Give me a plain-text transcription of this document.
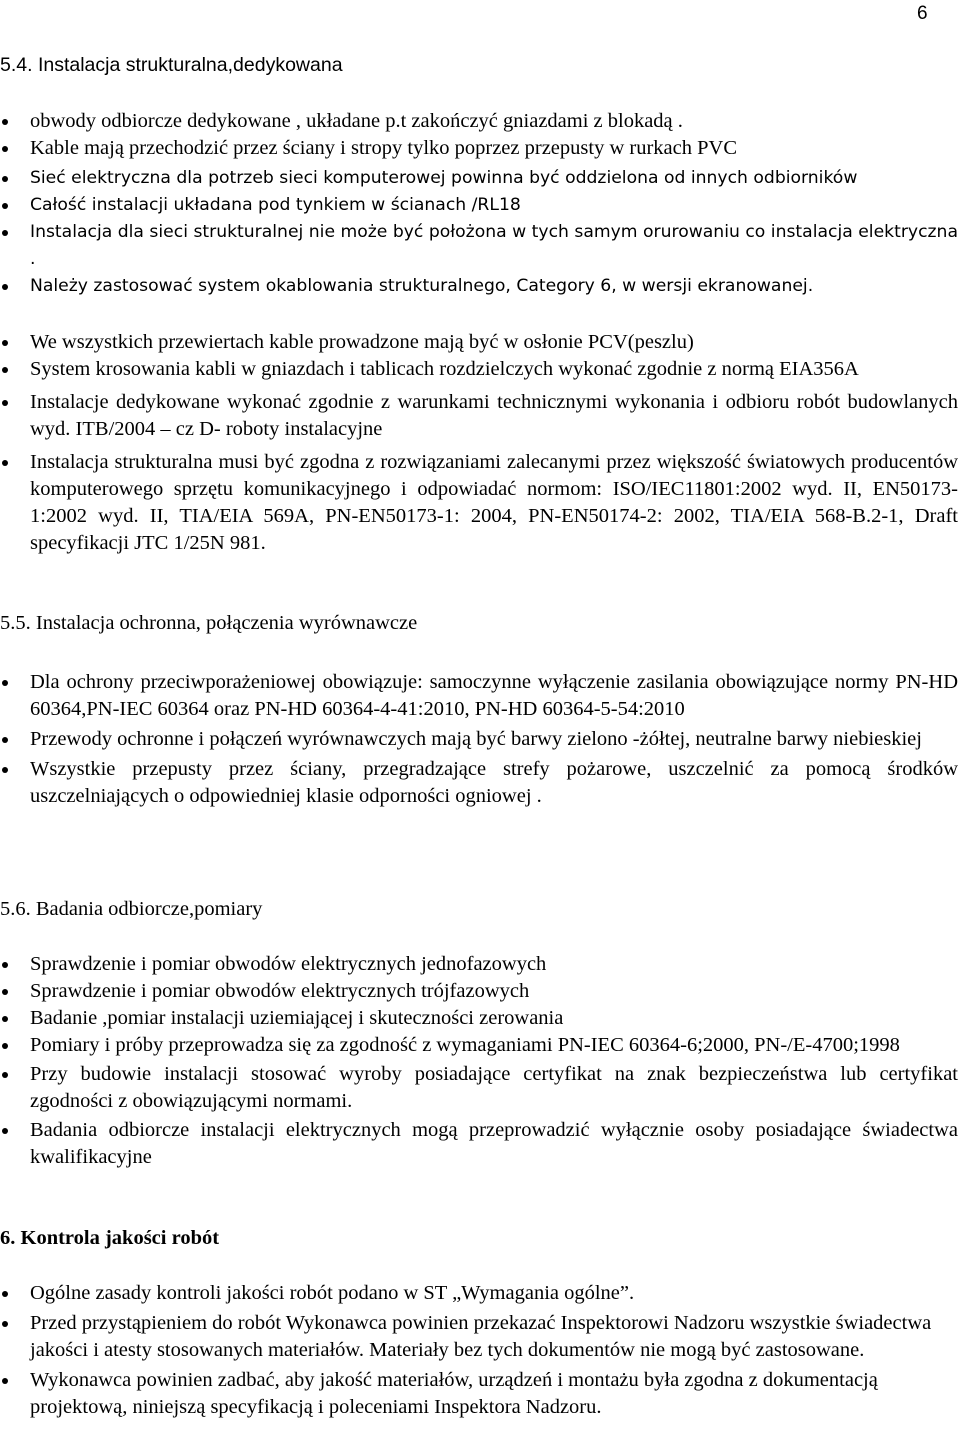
6
5.4. Instalacja strukturalna,dedykowana
obwody odbiorcze dedykowane , układane p.t zakończyć gniazdami z blokadą .
Kable mają przechodzić przez ściany i stropy tylko poprzez przepusty w rurkach PVC
Sieć elektryczna dla potrzeb sieci komputerowej powinna być oddzielona od innych odbiorników
Całość instalacji układana pod tynkiem w ścianach /RL18
Instalacja dla sieci strukturalnej nie może być położona w tych samym orurowaniu co instalacja elektryczna .
Należy zastosować system okablowania strukturalnego, Category 6, w wersji ekranowanej.
We wszystkich przewiertach kable prowadzone mają być w osłonie PCV(peszlu)
System krosowania kabli w gniazdach i tablicach rozdzielczych wykonać zgodnie z normą EIA356A
Instalacje dedykowane wykonać zgodnie z warunkami technicznymi wykonania i odbioru robót budowlanych wyd. ITB/2004 – cz D- roboty instalacyjne
Instalacja strukturalna musi być zgodna z rozwiązaniami zalecanymi przez większość światowych producentów komputerowego sprzętu komunikacyjnego i odpowiadać normom: ISO/IEC11801:2002 wyd. II, EN50173-1:2002 wyd. II, TIA/EIA 569A, PN-EN50173-1: 2004, PN-EN50174-2: 2002, TIA/EIA 568-B.2-1, Draft specyfikacji JTC 1/25N 981.
5.5. Instalacja ochronna, połączenia wyrównawcze
Dla ochrony przeciwporażeniowej obowiązuje: samoczynne wyłączenie zasilania obowiązujące normy PN-HD 60364,PN-IEC 60364 oraz PN-HD 60364-4-41:2010, PN-HD 60364-5-54:2010
Przewody ochronne i połączeń wyrównawczych mają być barwy zielono -żółtej, neutralne barwy niebieskiej
Wszystkie przepusty przez ściany, przegradzające strefy pożarowe, uszczelnić za pomocą środków uszczelniających o odpowiedniej klasie odporności ogniowej .
5.6. Badania odbiorcze,pomiary
Sprawdzenie i pomiar obwodów elektrycznych jednofazowych
Sprawdzenie i pomiar obwodów elektrycznych trójfazowych
Badanie ,pomiar instalacji uziemiającej i skuteczności zerowania
Pomiary i próby przeprowadza się za zgodność z wymaganiami PN-IEC 60364-6;2000, PN-/E-4700;1998
Przy budowie instalacji stosować wyroby posiadające certyfikat na znak bezpieczeństwa lub certyfikat zgodności z obowiązującymi normami.
Badania odbiorcze instalacji elektrycznych mogą przeprowadzić wyłącznie osoby posiadające świadectwa kwalifikacyjne
6. Kontrola jakości robót
Ogólne zasady kontroli jakości robót podano w ST „Wymagania ogólne”.
Przed przystąpieniem do robót Wykonawca powinien przekazać Inspektorowi Nadzoru wszystkie świadectwa jakości i atesty stosowanych materiałów. Materiały bez tych dokumentów nie mogą być zastosowane.
Wykonawca powinien zadbać, aby jakość materiałów, urządzeń i montażu była zgodna z dokumentacją projektową, niniejszą specyfikacją i poleceniami Inspektora Nadzoru.
